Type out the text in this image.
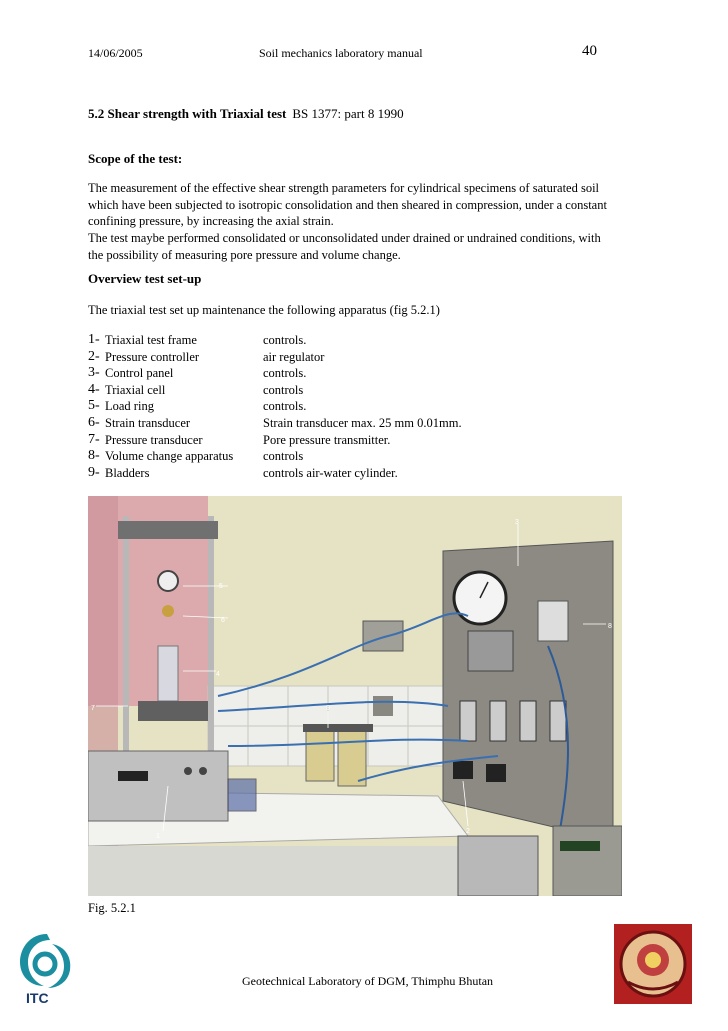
14/06/2005	Soil mechanics laboratory manual	40
5.2 Shear strength with Triaxial test BS 1377: part 8 1990
Scope of the test:
The measurement of the effective shear strength parameters for cylindrical specimens of saturated soil
which have been subjected to isotropic consolidation and then sheared in compression, under a constant
confining pressure, by increasing the axial strain.
The test maybe performed consolidated or unconsolidated under drained or undrained conditions, with
the possibility of measuring pore pressure and volume change.
Overview test set-up
The triaxial test set up maintenance the following apparatus (fig 5.2.1)
1- Triaxial test frame	controls.
2- Pressure controller	air regulator
3- Control panel	controls.
4- Triaxial cell	controls
5- Load ring	controls.
6- Strain transducer	Strain transducer max. 25 mm 0.01mm.
7- Pressure transducer	Pore pressure transmitter.
8- Volume change apparatus	controls
9- Bladders	controls air-water cylinder.
1
2
3
4
5
6
7
8
9
Fig. 5.2.1
ITC
Geotechnical Laboratory of DGM, Thimphu Bhutan
